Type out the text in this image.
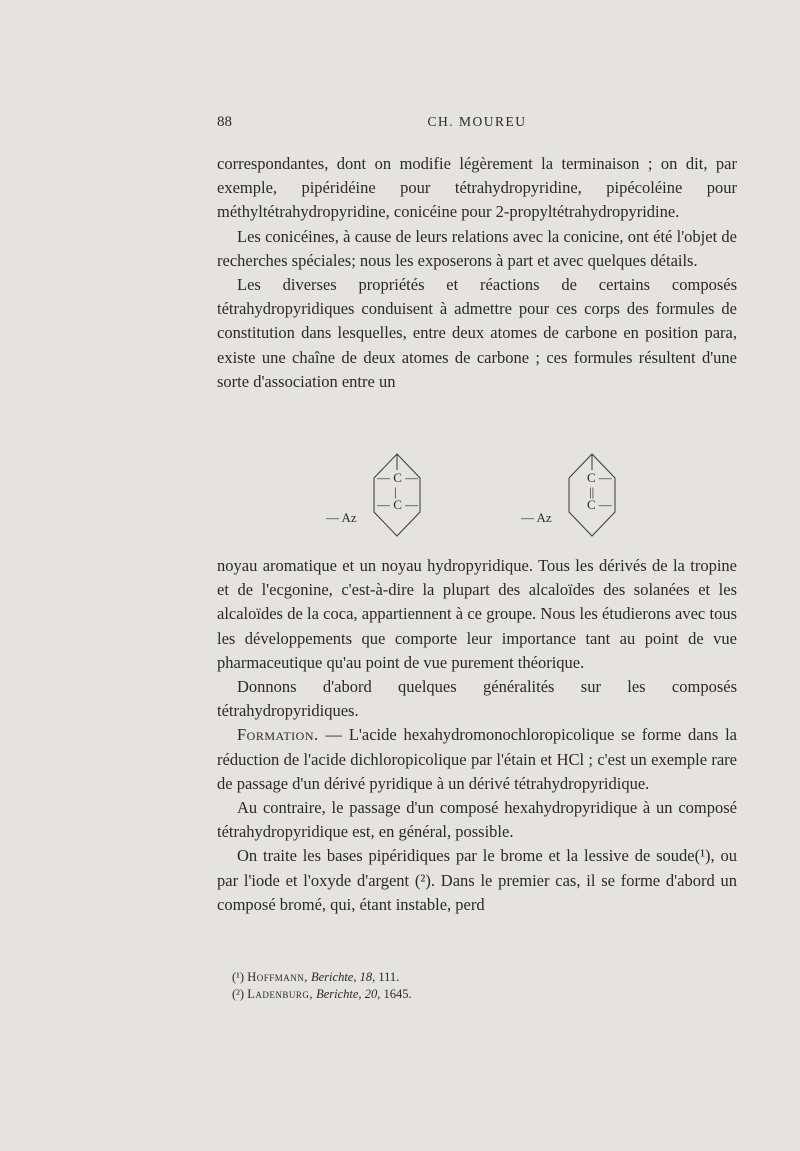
88	CH. MOUREU

correspondantes, dont on modifie légèrement la terminaison ; on dit, par exemple, pipéridéine pour tétrahydropyridine, pipécoléine pour méthyltétrahydropyridine, conicéine pour 2-propyltétrahydropyridine.

Les conicéines, à cause de leurs relations avec la conicine, ont été l'objet de recherches spéciales; nous les exposerons à part et avec quelques détails.

Les diverses propriétés et réactions de certains composés tétrahydropyridiques conduisent à admettre pour ces corps des formules de constitution dans lesquelles, entre deux atomes de carbone en position para, existe une chaîne de deux atomes de carbone ; ces formules résultent d'une sorte d'association entre un

— Az
— C —
|
— C —
— Az
C —
||
C —

noyau aromatique et un noyau hydropyridique. Tous les dérivés de la tropine et de l'ecgonine, c'est-à-dire la plupart des alcaloïdes des solanées et les alcaloïdes de la coca, appartiennent à ce groupe. Nous les étudierons avec tous les développements que comporte leur importance tant au point de vue pharmaceutique qu'au point de vue purement théorique.

Donnons d'abord quelques généralités sur les composés tétrahydropyridiques.

Formation. — L'acide hexahydromonochloropicolique se forme dans la réduction de l'acide dichloropicolique par l'étain et HCl ; c'est un exemple rare de passage d'un dérivé pyridique à un dérivé tétrahydropyridique.

Au contraire, le passage d'un composé hexahydropyridique à un composé tétrahydropyridique est, en général, possible.

On traite les bases pipéridiques par le brome et la lessive de soude(¹), ou par l'iode et l'oxyde d'argent (²). Dans le premier cas, il se forme d'abord un composé bromé, qui, étant instable, perd

(¹) Hoffmann, Berichte, 18, 111.

(²) Ladenburg, Berichte, 20, 1645.
